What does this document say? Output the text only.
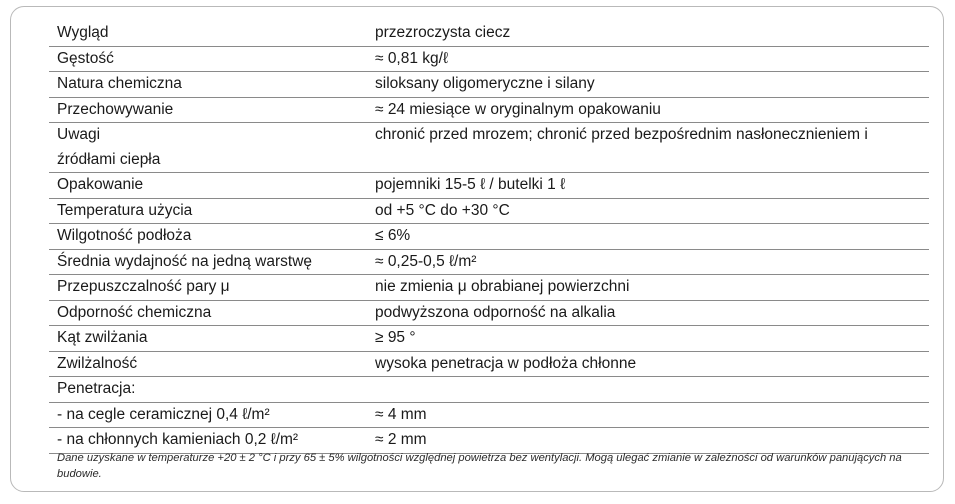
Wygląd	przezroczysta ciecz
Gęstość	≈ 0,81 kg/ℓ
Natura chemiczna	siloksany oligomeryczne i silany
Przechowywanie	≈ 24 miesiące w oryginalnym opakowaniu
Uwagi	chronić przed mrozem; chronić przed bezpośrednim nasłonecznieniem i
źródłami ciepła
Opakowanie	pojemniki 15-5 ℓ / butelki 1 ℓ
Temperatura użycia	od +5 °C do +30 °C
Wilgotność podłoża	≤ 6%
Średnia wydajność na jedną warstwę	≈ 0,25-0,5 ℓ/m²
Przepuszczalność pary μ	nie zmienia μ obrabianej powierzchni
Odporność chemiczna	podwyższona odporność na alkalia
Kąt zwilżania	≥ 95 °
Zwilżalność	wysoka penetracja w podłoża chłonne
Penetracja:
- na cegle ceramicznej 0,4 ℓ/m²	≈ 4 mm
- na chłonnych kamieniach 0,2 ℓ/m²	≈ 2 mm
Dane uzyskane w temperaturze +20 ± 2 °C i przy 65 ± 5% wilgotności względnej powietrza bez wentylacji. Mogą ulegać zmianie w zależności od warunków panujących na budowie.
